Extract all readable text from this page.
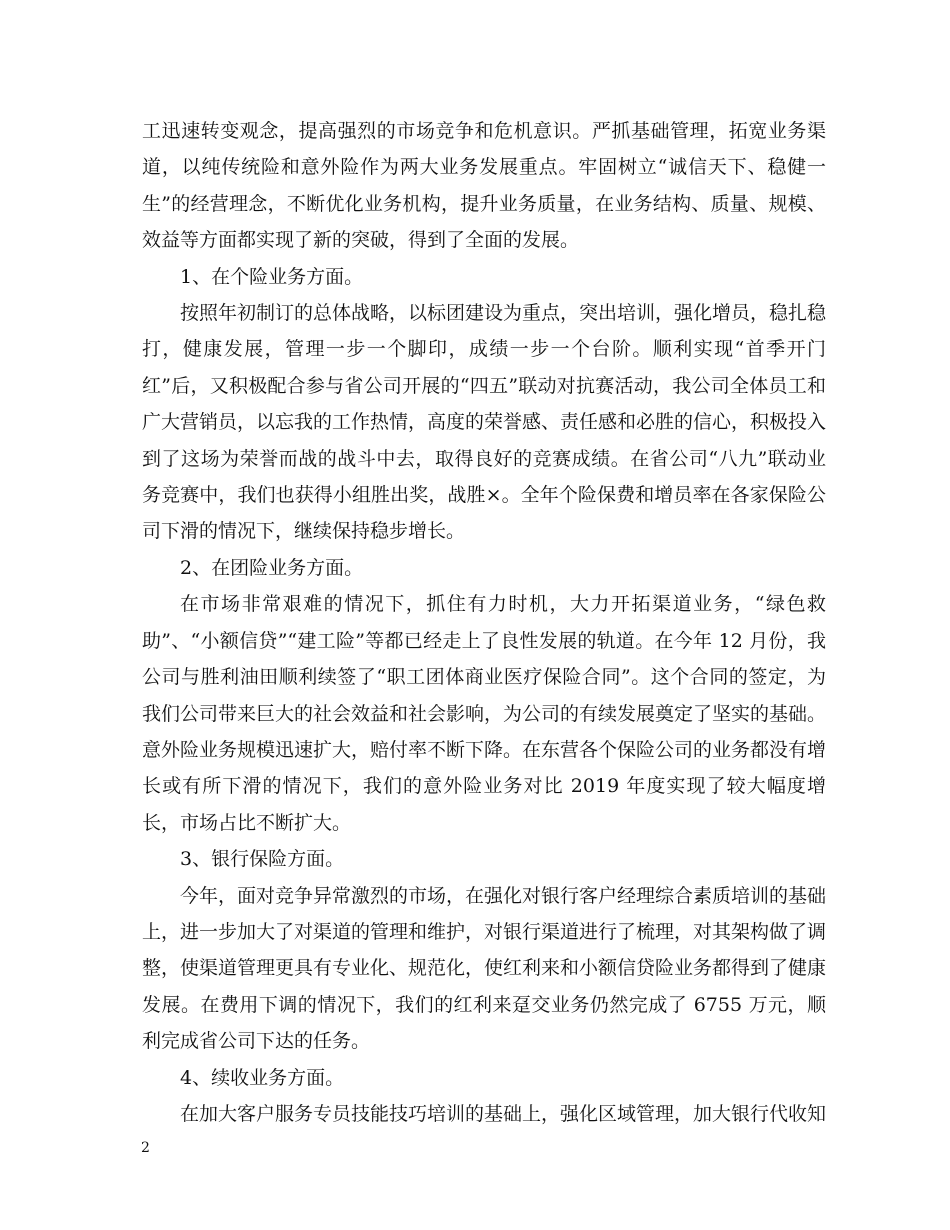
工迅速转变观念，提高强烈的市场竞争和危机意识。严抓基础管理，拓宽业务渠道，以纯传统险和意外险作为两大业务发展重点。牢固树立“诚信天下、稳健一生”的经营理念，不断优化业务机构，提升业务质量，在业务结构、质量、规模、效益等方面都实现了新的突破，得到了全面的发展。

1、在个险业务方面。

按照年初制订的总体战略，以标团建设为重点，突出培训，强化增员，稳扎稳打，健康发展，管理一步一个脚印，成绩一步一个台阶。顺利实现“首季开门红”后，又积极配合参与省公司开展的“四五”联动对抗赛活动，我公司全体员工和广大营销员，以忘我的工作热情，高度的荣誉感、责任感和必胜的信心，积极投入到了这场为荣誉而战的战斗中去，取得良好的竞赛成绩。在省公司“八九”联动业务竞赛中，我们也获得小组胜出奖，战胜×。全年个险保费和增员率在各家保险公司下滑的情况下，继续保持稳步增长。

2、在团险业务方面。

在市场非常艰难的情况下，抓住有力时机，大力开拓渠道业务，“绿色救助”、“小额信贷”“建工险”等都已经走上了良性发展的轨道。在今年 12 月份，我公司与胜利油田顺利续签了“职工团体商业医疗保险合同”。这个合同的签定，为我们公司带来巨大的社会效益和社会影响，为公司的有续发展奠定了坚实的基础。意外险业务规模迅速扩大，赔付率不断下降。在东营各个保险公司的业务都没有增长或有所下滑的情况下，我们的意外险业务对比 2019 年度实现了较大幅度增长，市场占比不断扩大。

3、银行保险方面。

今年，面对竞争异常激烈的市场，在强化对银行客户经理综合素质培训的基础上，进一步加大了对渠道的管理和维护，对银行渠道进行了梳理，对其架构做了调整，使渠道管理更具有专业化、规范化，使红利来和小额信贷险业务都得到了健康发展。在费用下调的情况下，我们的红利来趸交业务仍然完成了 6755 万元，顺利完成省公司下达的任务。

4、续收业务方面。

在加大客户服务专员技能技巧培训的基础上，强化区域管理，加大银行代收知

2
